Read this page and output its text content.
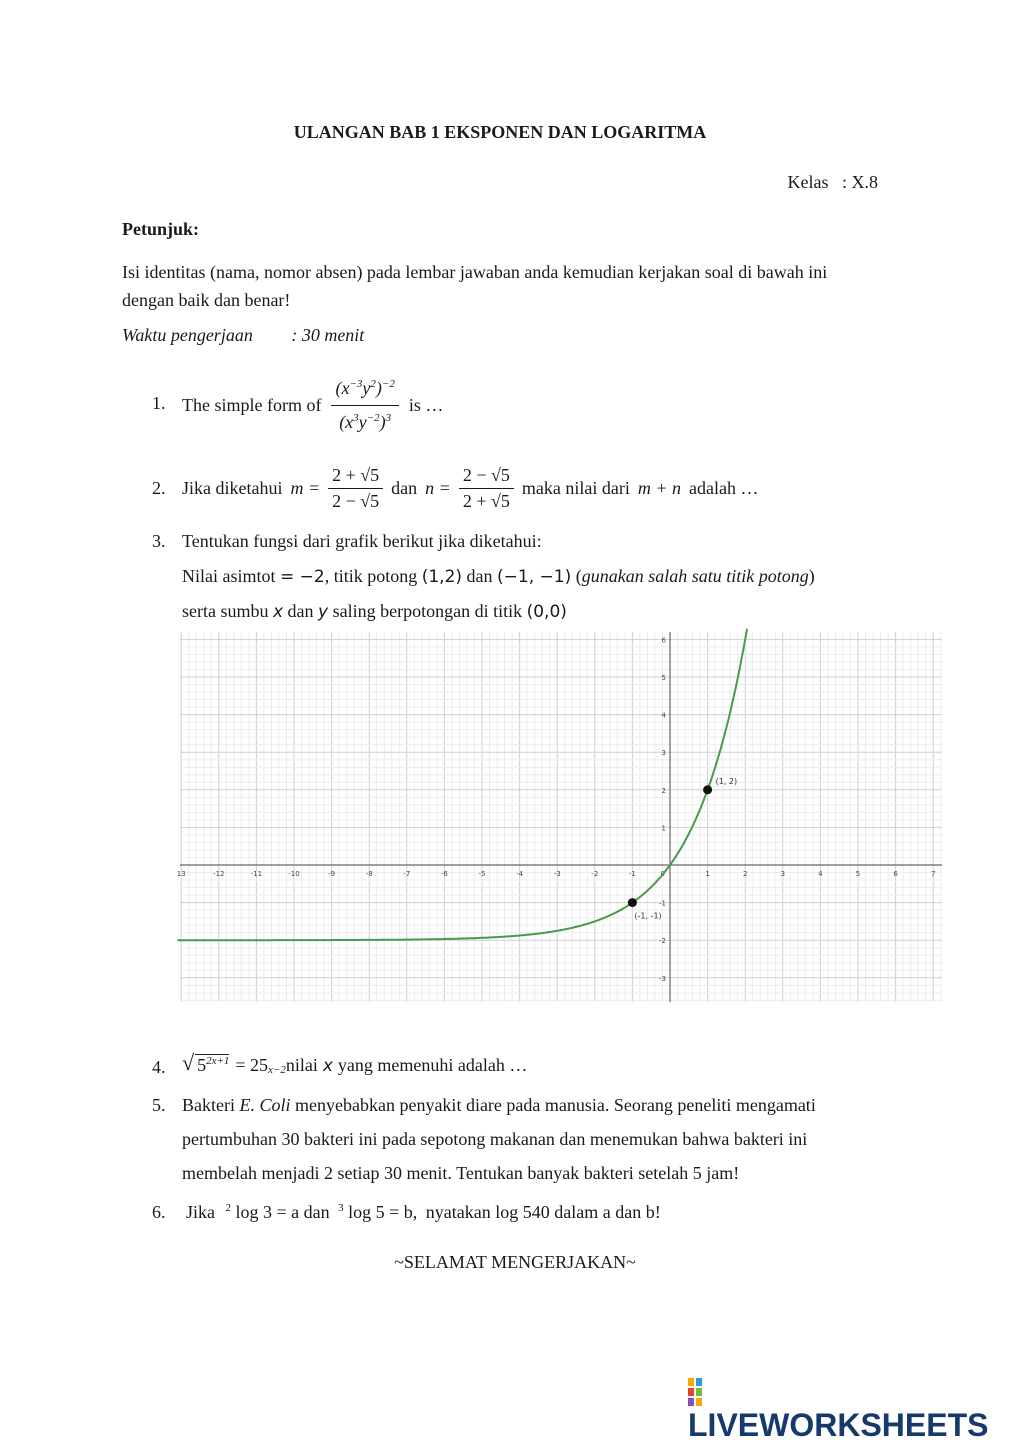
ULANGAN BAB 1 EKSPONEN DAN LOGARITMA
Kelas   : X.8
Petunjuk:
Isi identitas (nama, nomor absen) pada lembar jawaban anda kemudian kerjakan soal di bawah ini dengan baik dan benar!
Waktu pengerjaan : 30 menit
1. The simple form of $\frac{(x^{-3}y^2)^{-2}}{(x^3y^{-2})^3}$ is …
2. Jika diketahui $m = \frac{2 + √5}{2 - √5}$ dan $n = \frac{2 - √5}{2 + √5}$ maka nilai dari m + n adalah …
3. Tentukan fungsi dari grafik berikut jika diketahui:
Nilai asimtot = −2, titik potong (1,2) dan (−1, −1) (gunakan salah satu titik potong)
serta sumbu x dan y saling berpotongan di titik (0,0)
13	-12	-11	-10	-9	-8	-7	-6	-5	-4	-3	-2	-1	1	2	3	4	5	6	7
0
6
5
4
3
2
1
-1
-2
-3
(1, 2)
(-1, -1)
4. √ $5^{2x+1} = 25_{x-2}$ nilai x yang memenuhi adalah …
5. Bakteri E. Coli menyebabkan penyakit diare pada manusia. Seorang peneliti mengamati
pertumbuhan 30 bakteri ini pada sepotong makanan dan menemukan bahwa bakteri ini
membelah menjadi 2 setiap 30 menit. Tentukan banyak bakteri setelah 5 jam!
6. Jika $^2$ log 3 = a dan $^3$ log 5 = b, nyatakan log 540 dalam a dan b!
~SELAMAT MENGERJAKAN~
LIVEWORKSHEETS
